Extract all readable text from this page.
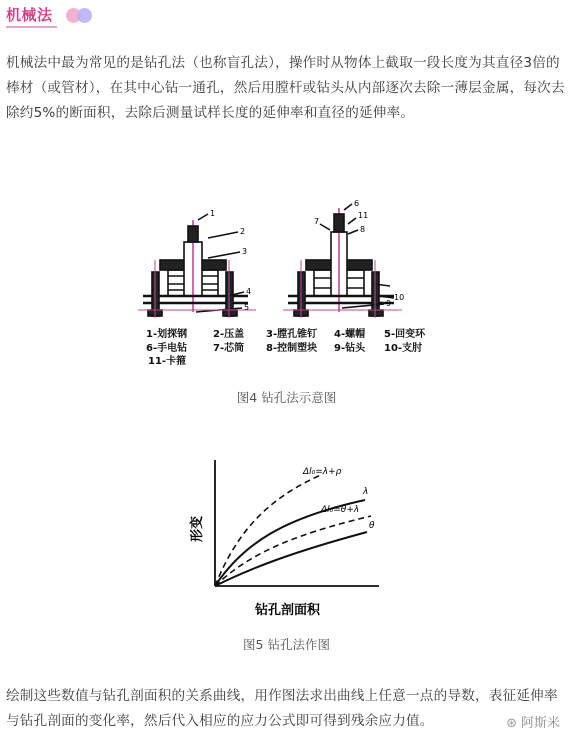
机械法
机械法中最为常见的是钻孔法（也称盲孔法），操作时从物体上截取一段长度为其直径3倍的棒材（或管材），在其中心钻一通孔，然后用膛杆或钻头从内部逐次去除一薄层金属，每次去除约5%的断面积，去除后测量试样长度的延伸率和直径的延伸率。
1
2
3
4
5
6
7
8
10
11
9
1-划探钢	2-压盖 3-膛孔锥钉 4-螺帽 5-回变环
6-手电钻	7-芯筒 8-控制塑块 9-钻头 10-支肘
11-卡箍
图4 钻孔法示意图
Δl₀=λ+ρ
λ
Δl₀=θ+λ
θ
形变
钻孔剖面积
图5 钻孔法作图
绘制这些数值与钻孔剖面积的关系曲线，用作图法求出曲线上任意一点的导数，表征延伸率与钻孔剖面的变化率，然后代入相应的应力公式即可得到残余应力值。	⊛ 阿斯米
